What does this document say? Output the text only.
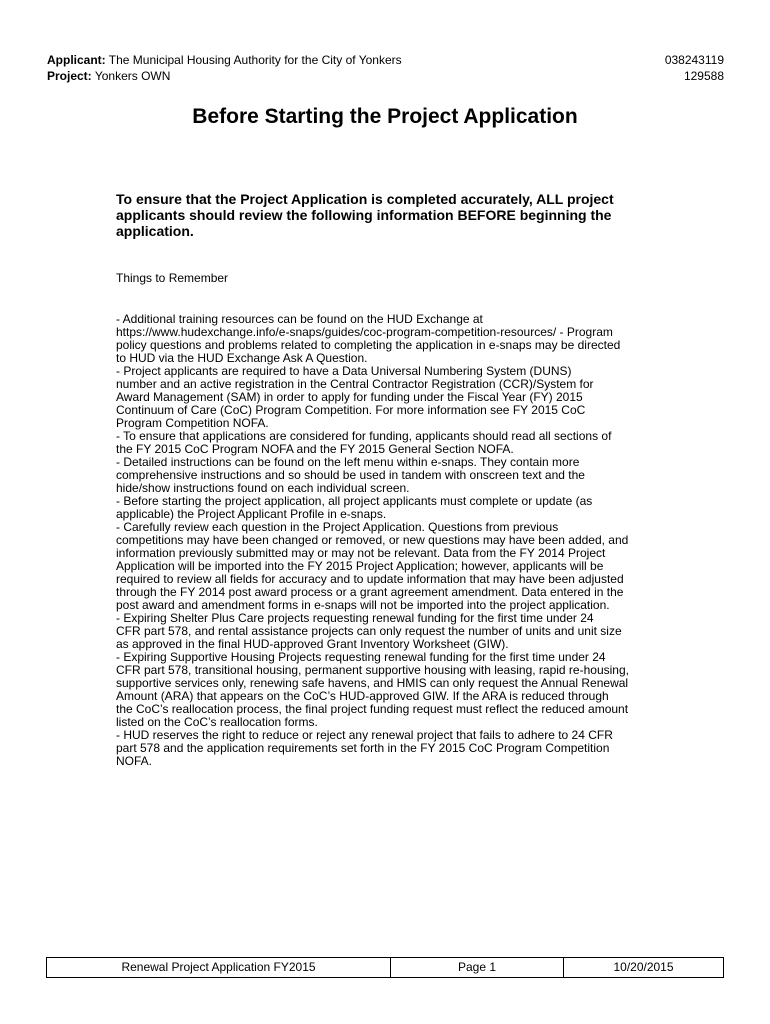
Applicant: The Municipal Housing Authority for the City of Yonkers	038243119
Project: Yonkers OWN	129588
Before Starting the Project Application
To ensure that the Project Application is completed accurately, ALL project applicants should review the following information BEFORE beginning the application.
Things to Remember

- Additional training resources can be found on the HUD Exchange at
https://www.hudexchange.info/e-snaps/guides/coc-program-competition-resources/ - Program
policy questions and problems related to completing the application in e-snaps may be directed
to HUD via the HUD Exchange Ask A Question.
- Project applicants are required to have a Data Universal Numbering System (DUNS)
number and an active registration in the Central Contractor Registration (CCR)/System for
Award Management (SAM) in order to apply for funding under the Fiscal Year (FY) 2015
Continuum of Care (CoC) Program Competition. For more information see FY 2015 CoC
Program Competition NOFA.
- To ensure that applications are considered for funding, applicants should read all sections of
the FY 2015 CoC Program NOFA and the FY 2015 General Section NOFA.
- Detailed instructions can be found on the left menu within e-snaps. They contain more
comprehensive instructions and so should be used in tandem with onscreen text and the
hide/show instructions found on each individual screen.
- Before starting the project application, all project applicants must complete or update (as
applicable) the Project Applicant Profile in e-snaps.
- Carefully review each question in the Project Application. Questions from previous
competitions may have been changed or removed, or new questions may have been added, and
information previously submitted may or may not be relevant. Data from the FY 2014 Project
Application will be imported into the FY 2015 Project Application; however, applicants will be
required to review all fields for accuracy and to update information that may have been adjusted
through the FY 2014 post award process or a grant agreement amendment. Data entered in the
post award and amendment forms in e-snaps will not be imported into the project application.
- Expiring Shelter Plus Care projects requesting renewal funding for the first time under 24
CFR part 578, and rental assistance projects can only request the number of units and unit size
as approved in the final HUD-approved Grant Inventory Worksheet (GIW).
- Expiring Supportive Housing Projects requesting renewal funding for the first time under 24
CFR part 578, transitional housing, permanent supportive housing with leasing, rapid re-housing,
supportive services only, renewing safe havens, and HMIS can only request the Annual Renewal
Amount (ARA) that appears on the CoC’s HUD-approved GIW. If the ARA is reduced through
the CoC’s reallocation process, the final project funding request must reflect the reduced amount
listed on the CoC’s reallocation forms.
- HUD reserves the right to reduce or reject any renewal project that fails to adhere to 24 CFR
part 578 and the application requirements set forth in the FY 2015 CoC Program Competition
NOFA.

Renewal Project Application FY2015	Page 1	10/20/2015
